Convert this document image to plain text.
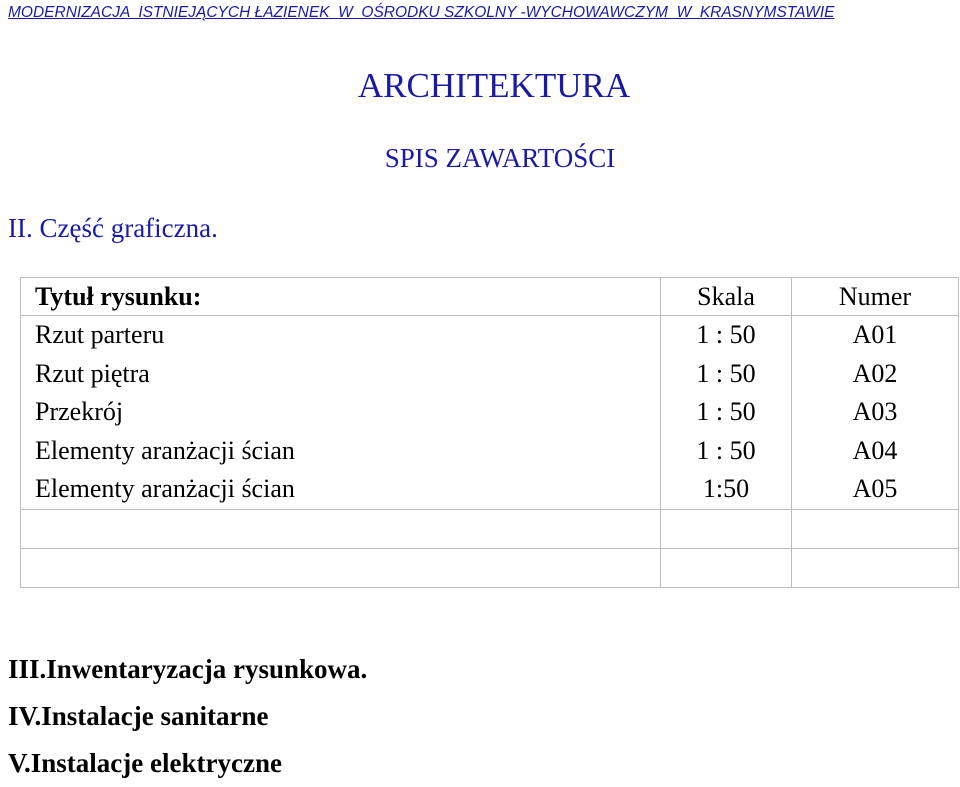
MODERNIZACJA  ISTNIEJĄCYCH ŁAZIENEK  W  OŚRODKU SZKOLNY -WYCHOWAWCZYM  W  KRASNYMSTAWIE
ARCHITEKTURA
SPIS ZAWARTOŚCI
II. Część graficzna.
Tytuł rysunku:	Skala	Numer
Rzut parteru	1 : 50	A01
Rzut piętra	1 : 50	A02
Przekrój	1 : 50	A03
Elementy aranżacji ścian	1 : 50	A04
Elementy aranżacji ścian	1:50	A05

III.Inwentaryzacja rysunkowa.
IV.Instalacje sanitarne
V.Instalacje elektryczne
